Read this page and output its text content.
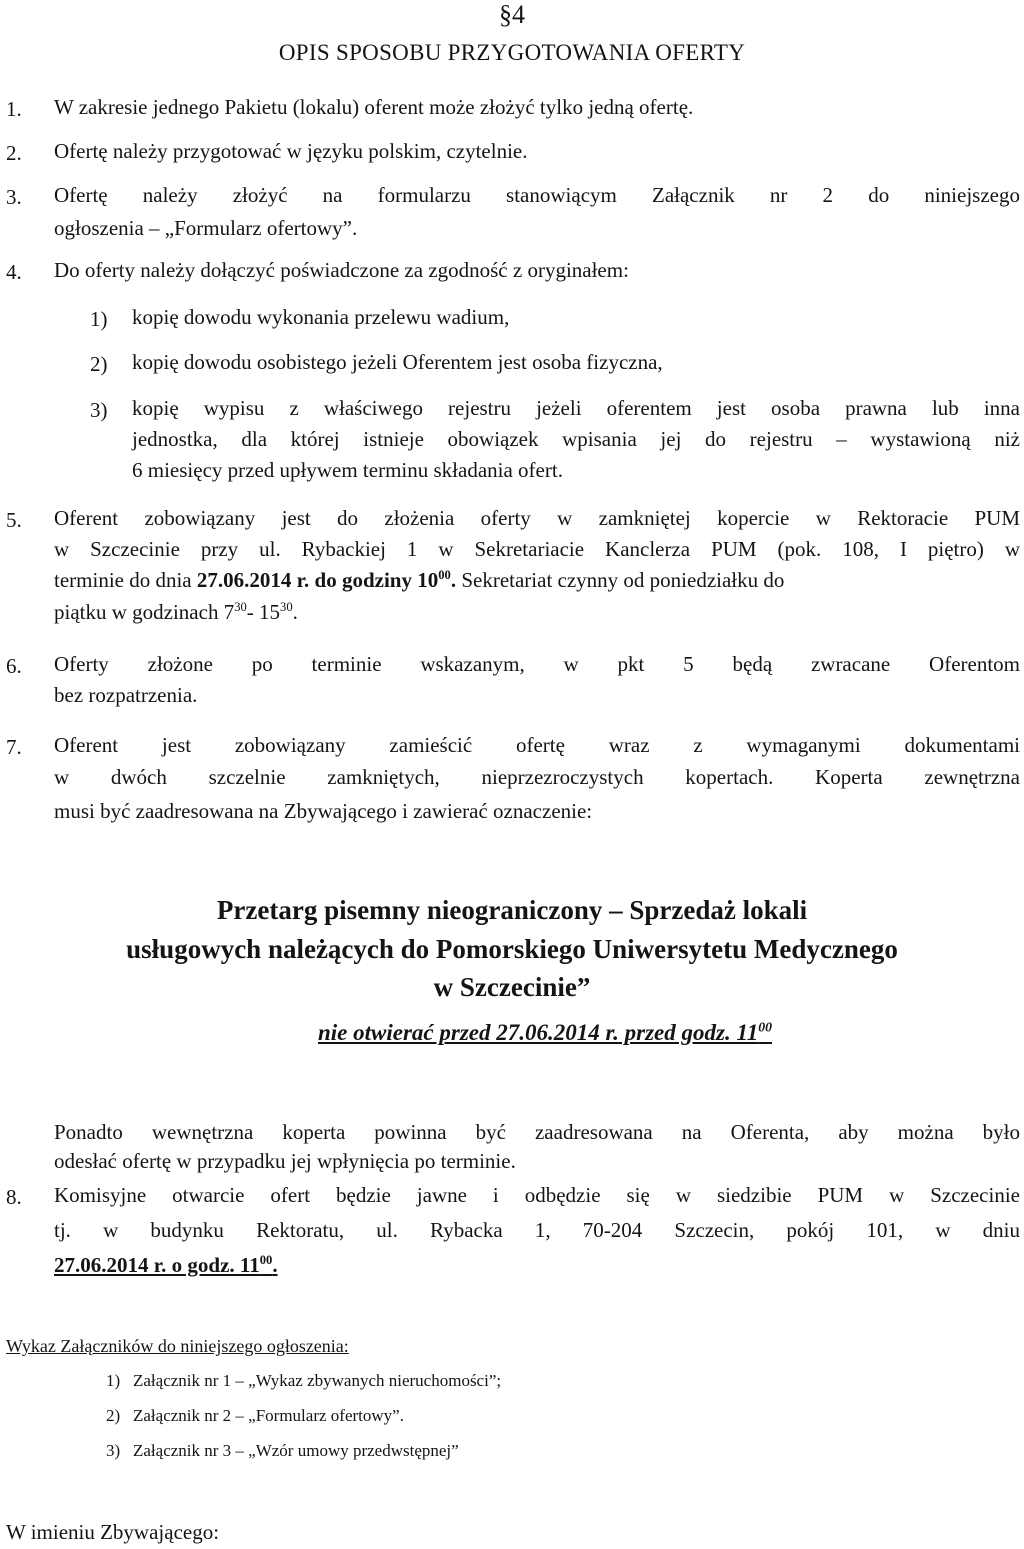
§4
OPIS SPOSOBU PRZYGOTOWANIA OFERTY
1. W zakresie jednego Pakietu (lokalu) oferent może złożyć tylko jedną ofertę.
2. Ofertę należy przygotować w języku polskim, czytelnie.
3. Ofertę należy złożyć na formularzu stanowiącym Załącznik nr 2 do niniejszego
ogłoszenia – „Formularz ofertowy”.
4. Do oferty należy dołączyć poświadczone za zgodność z oryginałem:
1) kopię dowodu wykonania przelewu wadium,
2) kopię dowodu osobistego jeżeli Oferentem jest osoba fizyczna,
3) kopię wypisu z właściwego rejestru jeżeli oferentem jest osoba prawna lub inna
jednostka, dla której istnieje obowiązek wpisania jej do rejestru – wystawioną niż
6 miesięcy przed upływem terminu składania ofert.
5. Oferent zobowiązany jest do złożenia oferty w zamkniętej kopercie w Rektoracie PUM
w Szczecinie przy ul. Rybackiej 1 w Sekretariacie Kanclerza PUM (pok. 108, I piętro) w
terminie do dnia 27.06.2014 r. do godziny $10^{00}$. Sekretariat czynny od poniedziałku do
piątku w godzinach $7^{30}-$ $15^{30}$.
6. Oferty złożone po terminie wskazanym, w pkt 5 będą zwracane Oferentom
bez rozpatrzenia.
7. Oferent jest zobowiązany zamieścić ofertę wraz z wymaganymi dokumentami
w dwóch szczelnie zamkniętych, nieprzezroczystych kopertach. Koperta zewnętrzna
musi być zaadresowana na Zbywającego i zawierać oznaczenie:
Przetarg pisemny nieograniczony – Sprzedaż lokali
usługowych należących do Pomorskiego Uniwersytetu Medycznego
w Szczecinie”
nie otwierać przed 27.06.2014 r. przed godz. $11^{00}$
Ponadto wewnętrzna koperta powinna być zaadresowana na Oferenta, aby można było
odesłać ofertę w przypadku jej wpłynięcia po terminie.
8. Komisyjne otwarcie ofert będzie jawne i odbędzie się w siedzibie PUM w Szczecinie
tj. w budynku Rektoratu, ul. Rybacka 1, 70-204 Szczecin, pokój 101, w dniu
27.06.2014 r. o godz. $11^{00}$.
Wykaz Załączników do niniejszego ogłoszenia:
1) Załącznik nr 1 – „Wykaz zbywanych nieruchomości”;
2) Załącznik nr 2 – „Formularz ofertowy”.
3) Załącznik nr 3 – „Wzór umowy przedwstępnej”
W imieniu Zbywającego:
